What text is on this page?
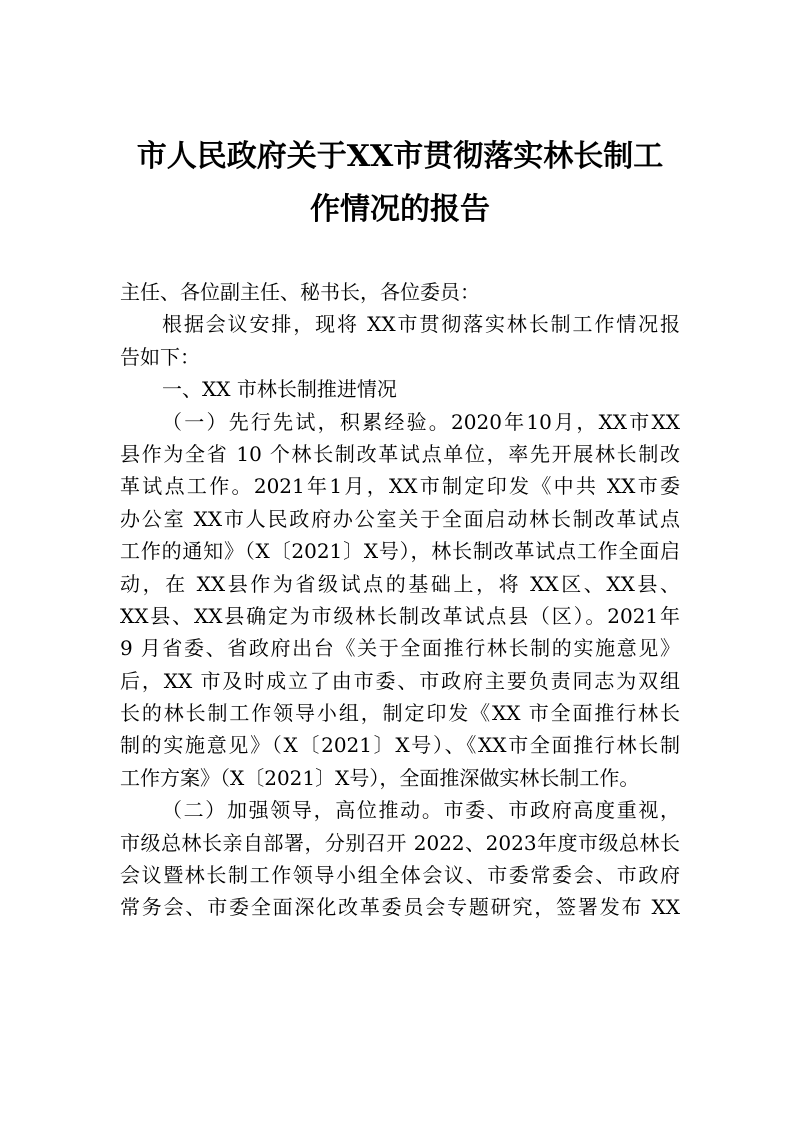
市人民政府关于XX市贯彻落实林长制工
作情况的报告
主任、各位副主任、秘书长，各位委员：
根据会议安排，现将 XX市贯彻落实林长制工作情况报
告如下：
一、XX 市林长制推进情况
（一）先行先试，积累经验。2020年10月，XX市XX
县作为全省 10 个林长制改革试点单位，率先开展林长制改
革试点工作。2021年1月，XX市制定印发《中共 XX市委
办公室 XX市人民政府办公室关于全面启动林长制改革试点
工作的通知》（X〔2021〕X号），林长制改革试点工作全面启
动，在 XX县作为省级试点的基础上，将 XX区、XX县、
XX县、XX县确定为市级林长制改革试点县（区）。2021年
9 月省委、省政府出台《关于全面推行林长制的实施意见》
后，XX 市及时成立了由市委、市政府主要负责同志为双组
长的林长制工作领导小组，制定印发《XX 市全面推行林长
制的实施意见》（X〔2021〕X号）、《XX市全面推行林长制
工作方案》（X〔2021〕X号），全面推深做实林长制工作。
（二）加强领导，高位推动。市委、市政府高度重视，
市级总林长亲自部署，分别召开 2022、2023年度市级总林长
会议暨林长制工作领导小组全体会议、市委常委会、市政府
常务会、市委全面深化改革委员会专题研究，签署发布 XX
